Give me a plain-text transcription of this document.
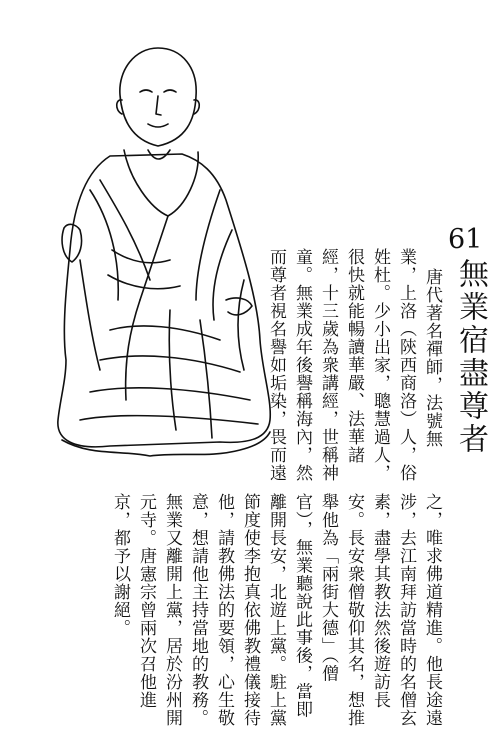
61
無業宿盡尊者
唐代著名禪師，法號無
業，上洛（陝西商洛）人，俗
姓杜。少小出家，聰慧過人，
很快就能暢讀華嚴、法華諸
經，十三歲為衆講經，世稱神
童。無業成年後譽稱海內，然
而尊者視名譽如垢染，畏而遠
之，唯求佛道精進。他長途遠
涉，去江南拜訪當時的名僧玄
素，盡學其教法然後遊訪長
安。長安衆僧敬仰其名，想推
舉他為「兩街大德」（僧
官），無業聽說此事後，當即
離開長安，北遊上黨。駐上黨
節度使李抱真依佛教禮儀接待
他，請教佛法的要領，心生敬
意，想請他主持當地的教務。
無業又離開上黨，居於汾州開
元寺。唐憲宗曾兩次召他進
京，都予以謝絕。
